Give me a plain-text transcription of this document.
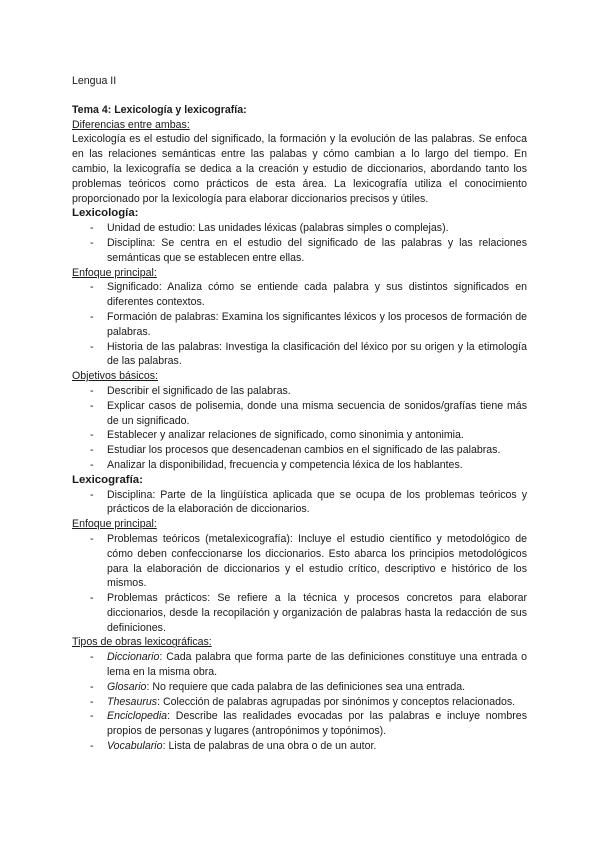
Lengua II
Tema 4: Lexicología y lexicografía:
Diferencias entre ambas:

Lexicología es el estudio del significado, la formación y la evolución de las palabras. Se enfoca en las relaciones semánticas entre las palabas y cómo cambian a lo largo del tiempo. En cambio, la lexicografía se dedica a la creación y estudio de diccionarios, abordando tanto los problemas teóricos como prácticos de esta área. La lexicografía utiliza el conocimiento proporcionado por la lexicología para elaborar diccionarios precisos y útiles.

Lexicología:
- Unidad de estudio: Las unidades léxicas (palabras simples o complejas).
- Disciplina: Se centra en el estudio del significado de las palabras y las relaciones semánticas que se establecen entre ellas.
Enfoque principal:
- Significado: Analiza cómo se entiende cada palabra y sus distintos significados en diferentes contextos.
- Formación de palabras: Examina los significantes léxicos y los procesos de formación de palabras.
- Historia de las palabras: Investiga la clasificación del léxico por su origen y la etimología de las palabras.
Objetivos básicos:
- Describir el significado de las palabras.
- Explicar casos de polisemia, donde una misma secuencia de sonidos/grafías tiene más de un significado.
- Establecer y analizar relaciones de significado, como sinonimia y antonimia.
- Estudiar los procesos que desencadenan cambios en el significado de las palabras.
- Analizar la disponibilidad, frecuencia y competencia léxica de los hablantes.
Lexicografía:
- Disciplina: Parte de la lingüística aplicada que se ocupa de los problemas teóricos y prácticos de la elaboración de diccionarios.
Enfoque principal:
- Problemas teóricos (metalexicografía): Incluye el estudio científico y metodológico de cómo deben confeccionarse los diccionarios. Esto abarca los principios metodológicos para la elaboración de diccionarios y el estudio crítico, descriptivo e histórico de los mismos.
- Problemas prácticos: Se refiere a la técnica y procesos concretos para elaborar diccionarios, desde la recopilación y organización de palabras hasta la redacción de sus definiciones.
Tipos de obras lexicográficas:
- Diccionario: Cada palabra que forma parte de las definiciones constituye una entrada o lema en la misma obra.
- Glosario: No requiere que cada palabra de las definiciones sea una entrada.
- Thesaurus: Colección de palabras agrupadas por sinónimos y conceptos relacionados.
- Enciclopedia: Describe las realidades evocadas por las palabras e incluye nombres propios de personas y lugares (antropónimos y topónimos).
- Vocabulario: Lista de palabras de una obra o de un autor.
